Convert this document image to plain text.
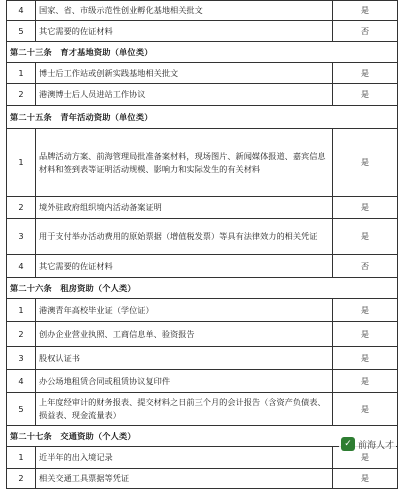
4	国家、省、市级示范性创业孵化基地相关批文	是
5	其它需要的佐证材料	否
第二十三条　育才基地资助（单位类）		
1	博士后工作站或创新实践基地相关批文	是
2	港澳博士后人员进站工作协议	是
第二十五条　青年活动资助（单位类）		
1	品牌活动方案、前海管理局批准备案材料，现场图片、新闻媒体报道、嘉宾信息材料和签到表等证明活动规模、影响力和实际发生的有关材料	是
2	境外驻政府组织境内活动备案证明	是
3	用于支付举办活动费用的原始票据（增值税发票）等具有法律效力的相关凭证	是
4	其它需要的佐证材料	否
第二十六条　租房资助（个人类）		
1	港澳青年高校毕业证（学位证）	是
2	创办企业营业执照、工商信息单、验资报告	是
3	股权认证书	是
4	办公场地租赁合同或租赁协议复印件	是
5	上年度经审计的财务报表、提交材料之日前三个月的会计报告（含资产负债表、损益表、现金流量表）	是
第二十七条　交通资助（个人类）		
1	近半年的出入境记录	是
2	相关交通工具票据等凭证	是
✓ 前海人才
